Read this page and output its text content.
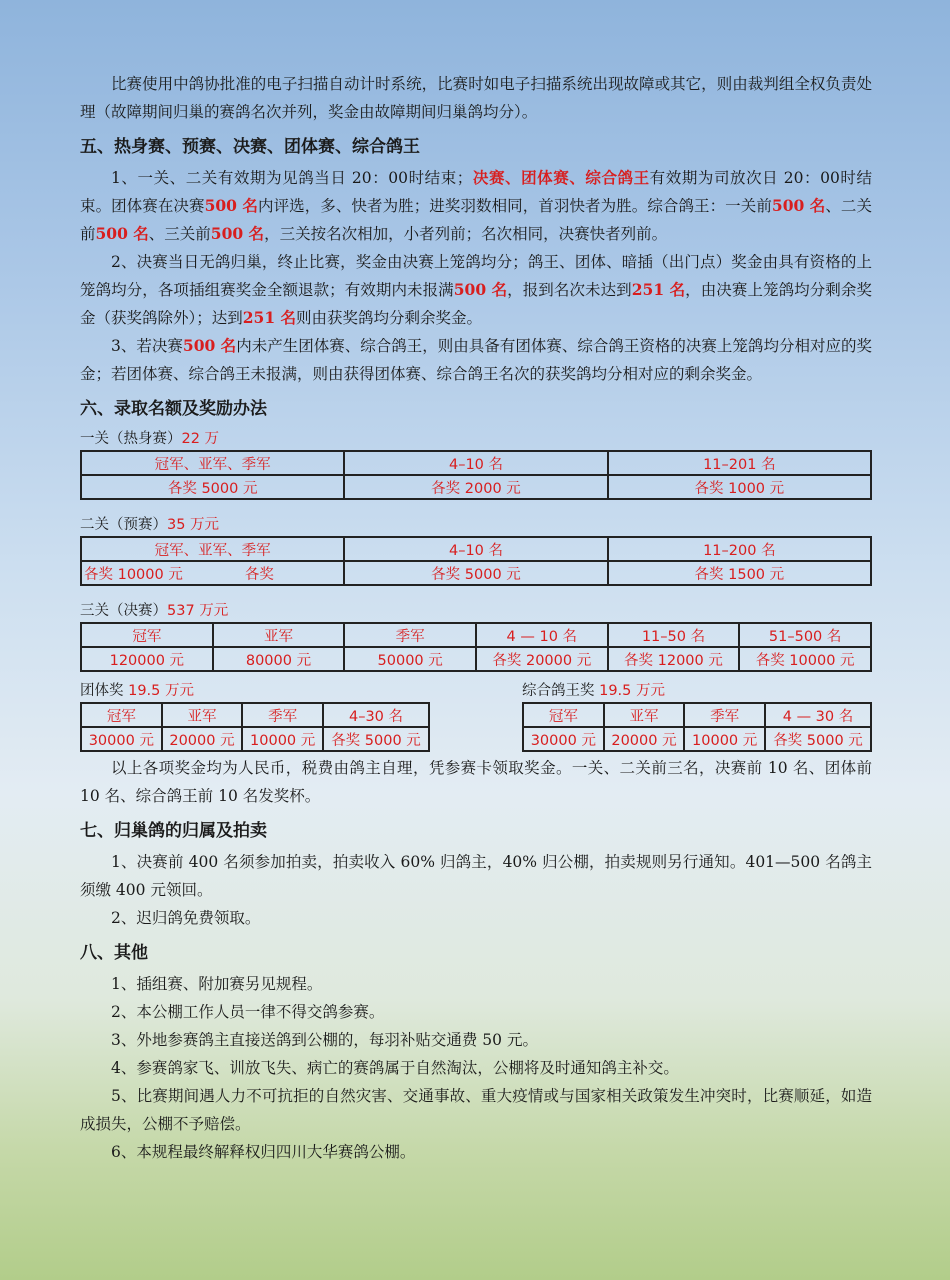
比赛使用中鸽协批准的电子扫描自动计时系统，比赛时如电子扫描系统出现故障或其它，则由裁判组全权负责处理（故障期间归巢的赛鸽名次并列，奖金由故障期间归巢鸽均分）。

五、热身赛、预赛、决赛、团体赛、综合鸽王

1、一关、二关有效期为见鸽当日 20：00时结束；决赛、团体赛、综合鸽王有效期为司放次日 20：00时结束。团体赛在决赛500 名内评选，多、快者为胜；进奖羽数相同，首羽快者为胜。综合鸽王：一关前500 名、二关前500 名、三关前500 名，三关按名次相加，小者列前；名次相同，决赛快者列前。

2、决赛当日无鸽归巢，终止比赛，奖金由决赛上笼鸽均分；鸽王、团体、暗插（出门点）奖金由具有资格的上笼鸽均分，各项插组赛奖金全额退款；有效期内未报满500 名，报到名次未达到251 名，由决赛上笼鸽均分剩余奖金（获奖鸽除外）；达到251 名则由获奖鸽均分剩余奖金。

3、若决赛500 名内未产生团体赛、综合鸽王，则由具备有团体赛、综合鸽王资格的决赛上笼鸽均分相对应的奖金；若团体赛、综合鸽王未报满，则由获得团体赛、综合鸽王名次的获奖鸽均分相对应的剩余奖金。

六、录取名额及奖励办法
一关（热身赛）22 万
冠军、亚军、季军	4–10 名	11–201 名
各奖 5000 元	各奖 2000 元	各奖 1000 元
二关（预赛）35 万元
冠军、亚军、季军	4–10 名	11–200 名
各奖 10000 元 各奖	各奖 5000 元	各奖 1500 元
三关（决赛）537 万元
冠军	亚军	季军	4 — 10 名	11–50 名	51–500 名
120000 元	80000 元	50000 元	各奖 20000 元	各奖 12000 元	各奖 10000 元
团体奖 19.5 万元
冠军	亚军	季军	4–30 名
30000 元	20000 元	10000 元	各奖 5000 元
综合鸽王奖 19.5 万元
冠军	亚军	季军	4 — 30 名
30000 元	20000 元	10000 元	各奖 5000 元

以上各项奖金均为人民币，税费由鸽主自理，凭参赛卡领取奖金。一关、二关前三名，决赛前 10 名、团体前 10 名、综合鸽王前 10 名发奖杯。

七、归巢鸽的归属及拍卖

1、决赛前 400 名须参加拍卖，拍卖收入 60% 归鸽主，40% 归公棚，拍卖规则另行通知。401—500 名鸽主须缴 400 元领回。

2、迟归鸽免费领取。

八、其他

1、插组赛、附加赛另见规程。

2、本公棚工作人员一律不得交鸽参赛。

3、外地参赛鸽主直接送鸽到公棚的，每羽补贴交通费 50 元。

4、参赛鸽家飞、训放飞失、病亡的赛鸽属于自然淘汰，公棚将及时通知鸽主补交。

5、比赛期间遇人力不可抗拒的自然灾害、交通事故、重大疫情或与国家相关政策发生冲突时，比赛顺延，如造成损失，公棚不予赔偿。

6、本规程最终解释权归四川大华赛鸽公棚。
